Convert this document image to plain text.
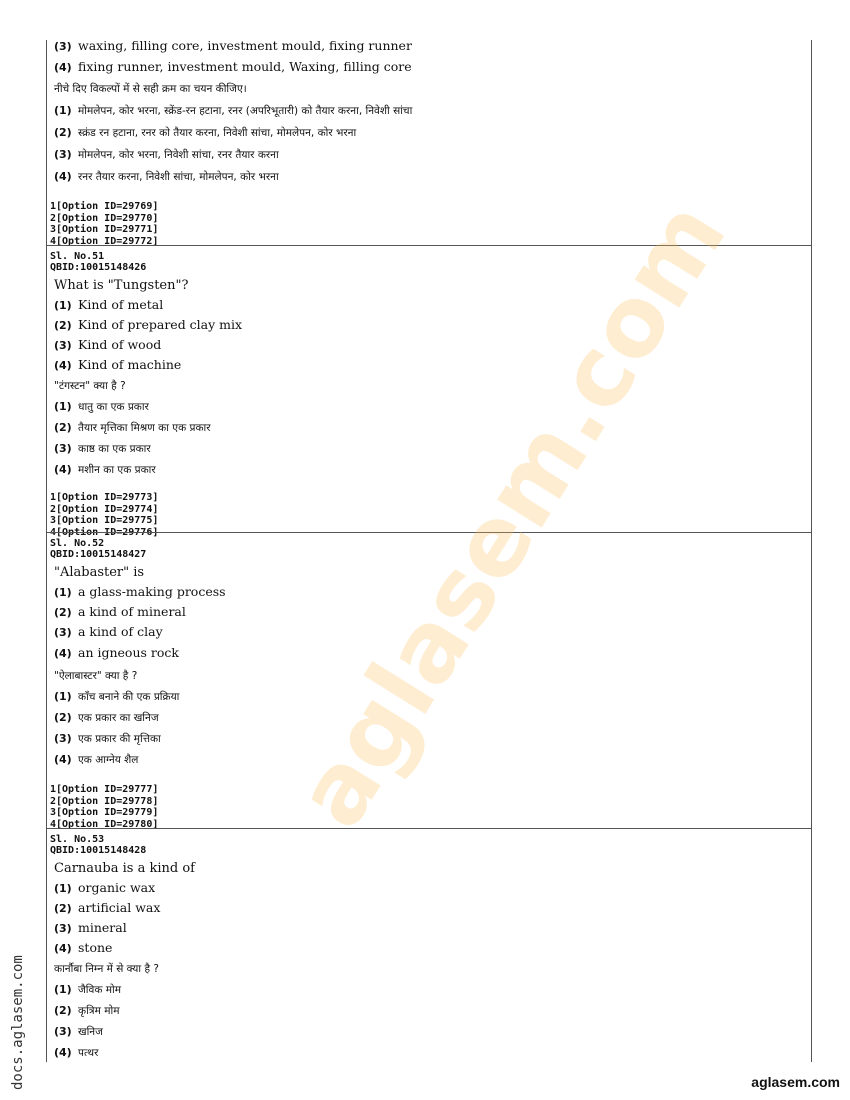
(3) waxing, filling core, investment mould, fixing runner
(4) fixing runner, investment mould, Waxing, filling core
नीचे दिए विकल्पों में से सही क्रम का चयन कीजिए।
(1) मोमलेपन, कोर भरना, स्क्रेंड-रन हटाना, रनर (अपरिभूतारी) को तैयार करना, निवेशी सांचा
(2) स्क्रंड रन हटाना, रनर को तैयार करना, निवेशी सांचा, मोमलेपन, कोर भरना
(3) मोमलेपन, कोर भरना, निवेशी सांचा, रनर तैयार करना
(4) रनर तैयार करना, निवेशी सांचा, मोमलेपन, कोर भरना
1[Option ID=29769]
2[Option ID=29770]
3[Option ID=29771]
4[Option ID=29772]
Sl. No.51
QBID:10015148426
What is "Tungsten"?
(1) Kind of metal
(2) Kind of prepared clay mix
(3) Kind of wood
(4) Kind of machine
"टंगस्टन" क्या है ?
(1) धातु का एक प्रकार
(2) तैयार मृत्तिका मिश्रण का एक प्रकार
(3) काष्ठ का एक प्रकार
(4) मशीन का एक प्रकार
1[Option ID=29773]
2[Option ID=29774]
3[Option ID=29775]
4[Option ID=29776]
Sl. No.52
QBID:10015148427
"Alabaster" is
(1) a glass-making process
(2) a kind of mineral
(3) a kind of clay
(4) an igneous rock
"ऐलाबास्टर" क्या है ?
(1) काँच बनाने की एक प्रक्रिया
(2) एक प्रकार का खनिज
(3) एक प्रकार की मृत्तिका
(4) एक आग्नेय शैल
1[Option ID=29777]
2[Option ID=29778]
3[Option ID=29779]
4[Option ID=29780]
Sl. No.53
QBID:10015148428
Carnauba is a kind of
(1) organic wax
(2) artificial wax
(3) mineral
(4) stone
कार्नौबा निम्न में से क्या है ?
(1) जैविक मोम
(2) कृत्रिम मोम
(3) खनिज
(4) पत्थर
aglasem.com
docs.aglasem.com	aglasem.com
